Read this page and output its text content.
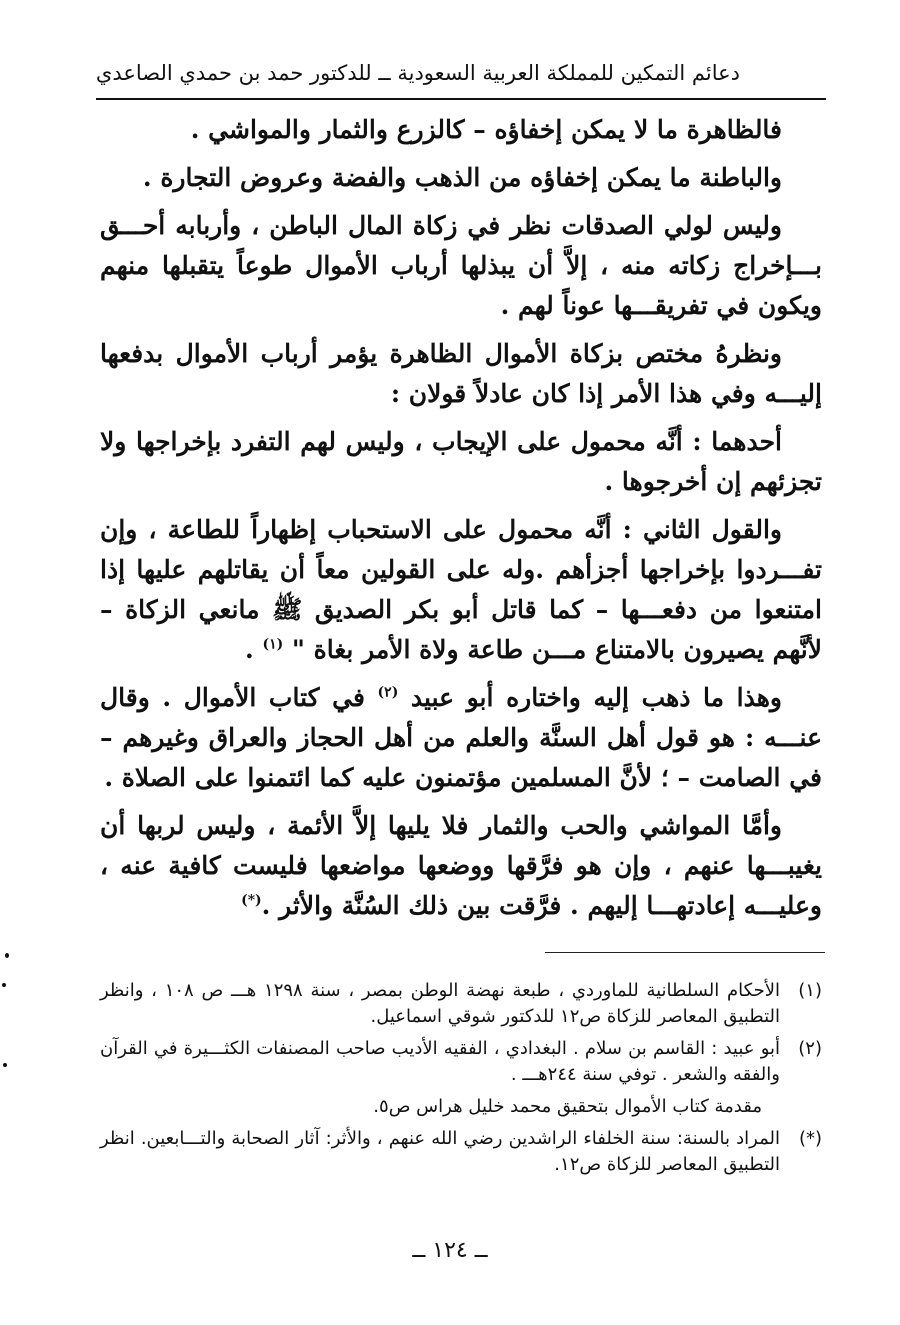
دعائم التمكين للمملكة العربية السعودية ــ للدكتور حمد بن حمدي الصاعدي

فالظاهرة ما لا يمكن إخفاؤه – كالزرع والثمار والمواشي .

والباطنة ما يمكن إخفاؤه من الذهب والفضة وعروض التجارة .

وليس لولي الصدقات نظر في زكاة المال الباطن ، وأربابه أحـــق بـــإخراج زكاته منه ، إلاَّ أن يبذلها أرباب الأموال طوعاً يتقبلها منهم ويكون في تفريقـــها عوناً لهم .

ونظرهُ مختص بزكاة الأموال الظاهرة يؤمر أرباب الأموال بدفعها إليـــه وفي هذا الأمر إذا كان عادلاً قولان :

أحدهما : أنَّه محمول على الإيجاب ، وليس لهم التفرد بإخراجها ولا تجزئهم إن أخرجوها .

والقول الثاني : أنَّه محمول على الاستحباب إظهاراً للطاعة ، وإن تفـــردوا بإخراجها أجزأهم .وله على القولين معاً أن يقاتلهم عليها إذا امتنعوا من دفعـــها – كما قاتل أبو بكر الصديق ﷺ مانعي الزكاة – لأنَّهم يصيرون بالامتناع مـــن طاعة ولاة الأمر بغاة " $^{(١)}$ .

وهذا ما ذهب إليه واختاره أبو عبيد $^{(٢)}$ في كتاب الأموال . وقال عنـــه : هو قول أهل السنَّة والعلم من أهل الحجاز والعراق وغيرهم – في الصامت – ؛ لأنَّ المسلمين مؤتمنون عليه كما ائتمنوا على الصلاة .

وأمَّا المواشي والحب والثمار فلا يليها إلاَّ الأئمة ، وليس لربها أن يغيبـــها عنهم ، وإن هو فرَّقها ووضعها مواضعها فليست كافية عنه ، وعليـــه إعادتهـــا إليهم . فرَّقت بين ذلك السُنَّة والأثر .(*)

(١)
الأحكام السلطانية للماوردي ، طبعة نهضة الوطن بمصر ، سنة ١٢٩٨ هـــ ص ١٠٨ ، وانظر التطبيق المعاصر للزكاة ص١٢ للدكتور شوقي اسماعيل.
(٢)
أبو عبيد : القاسم بن سلام . البغدادي ، الفقيه الأديب صاحب المصنفات الكثـــيرة في القرآن والفقه والشعر . توفي سنة ٢٤٤هـــ .
مقدمة كتاب الأموال بتحقيق محمد خليل هراس ص٥.
(*)
المراد بالسنة: سنة الخلفاء الراشدين رضي الله عنهم ، والأثر: آثار الصحابة والتـــابعين. انظر التطبيق المعاصر للزكاة ص١٢.
ــ ١٢٤ ــ
